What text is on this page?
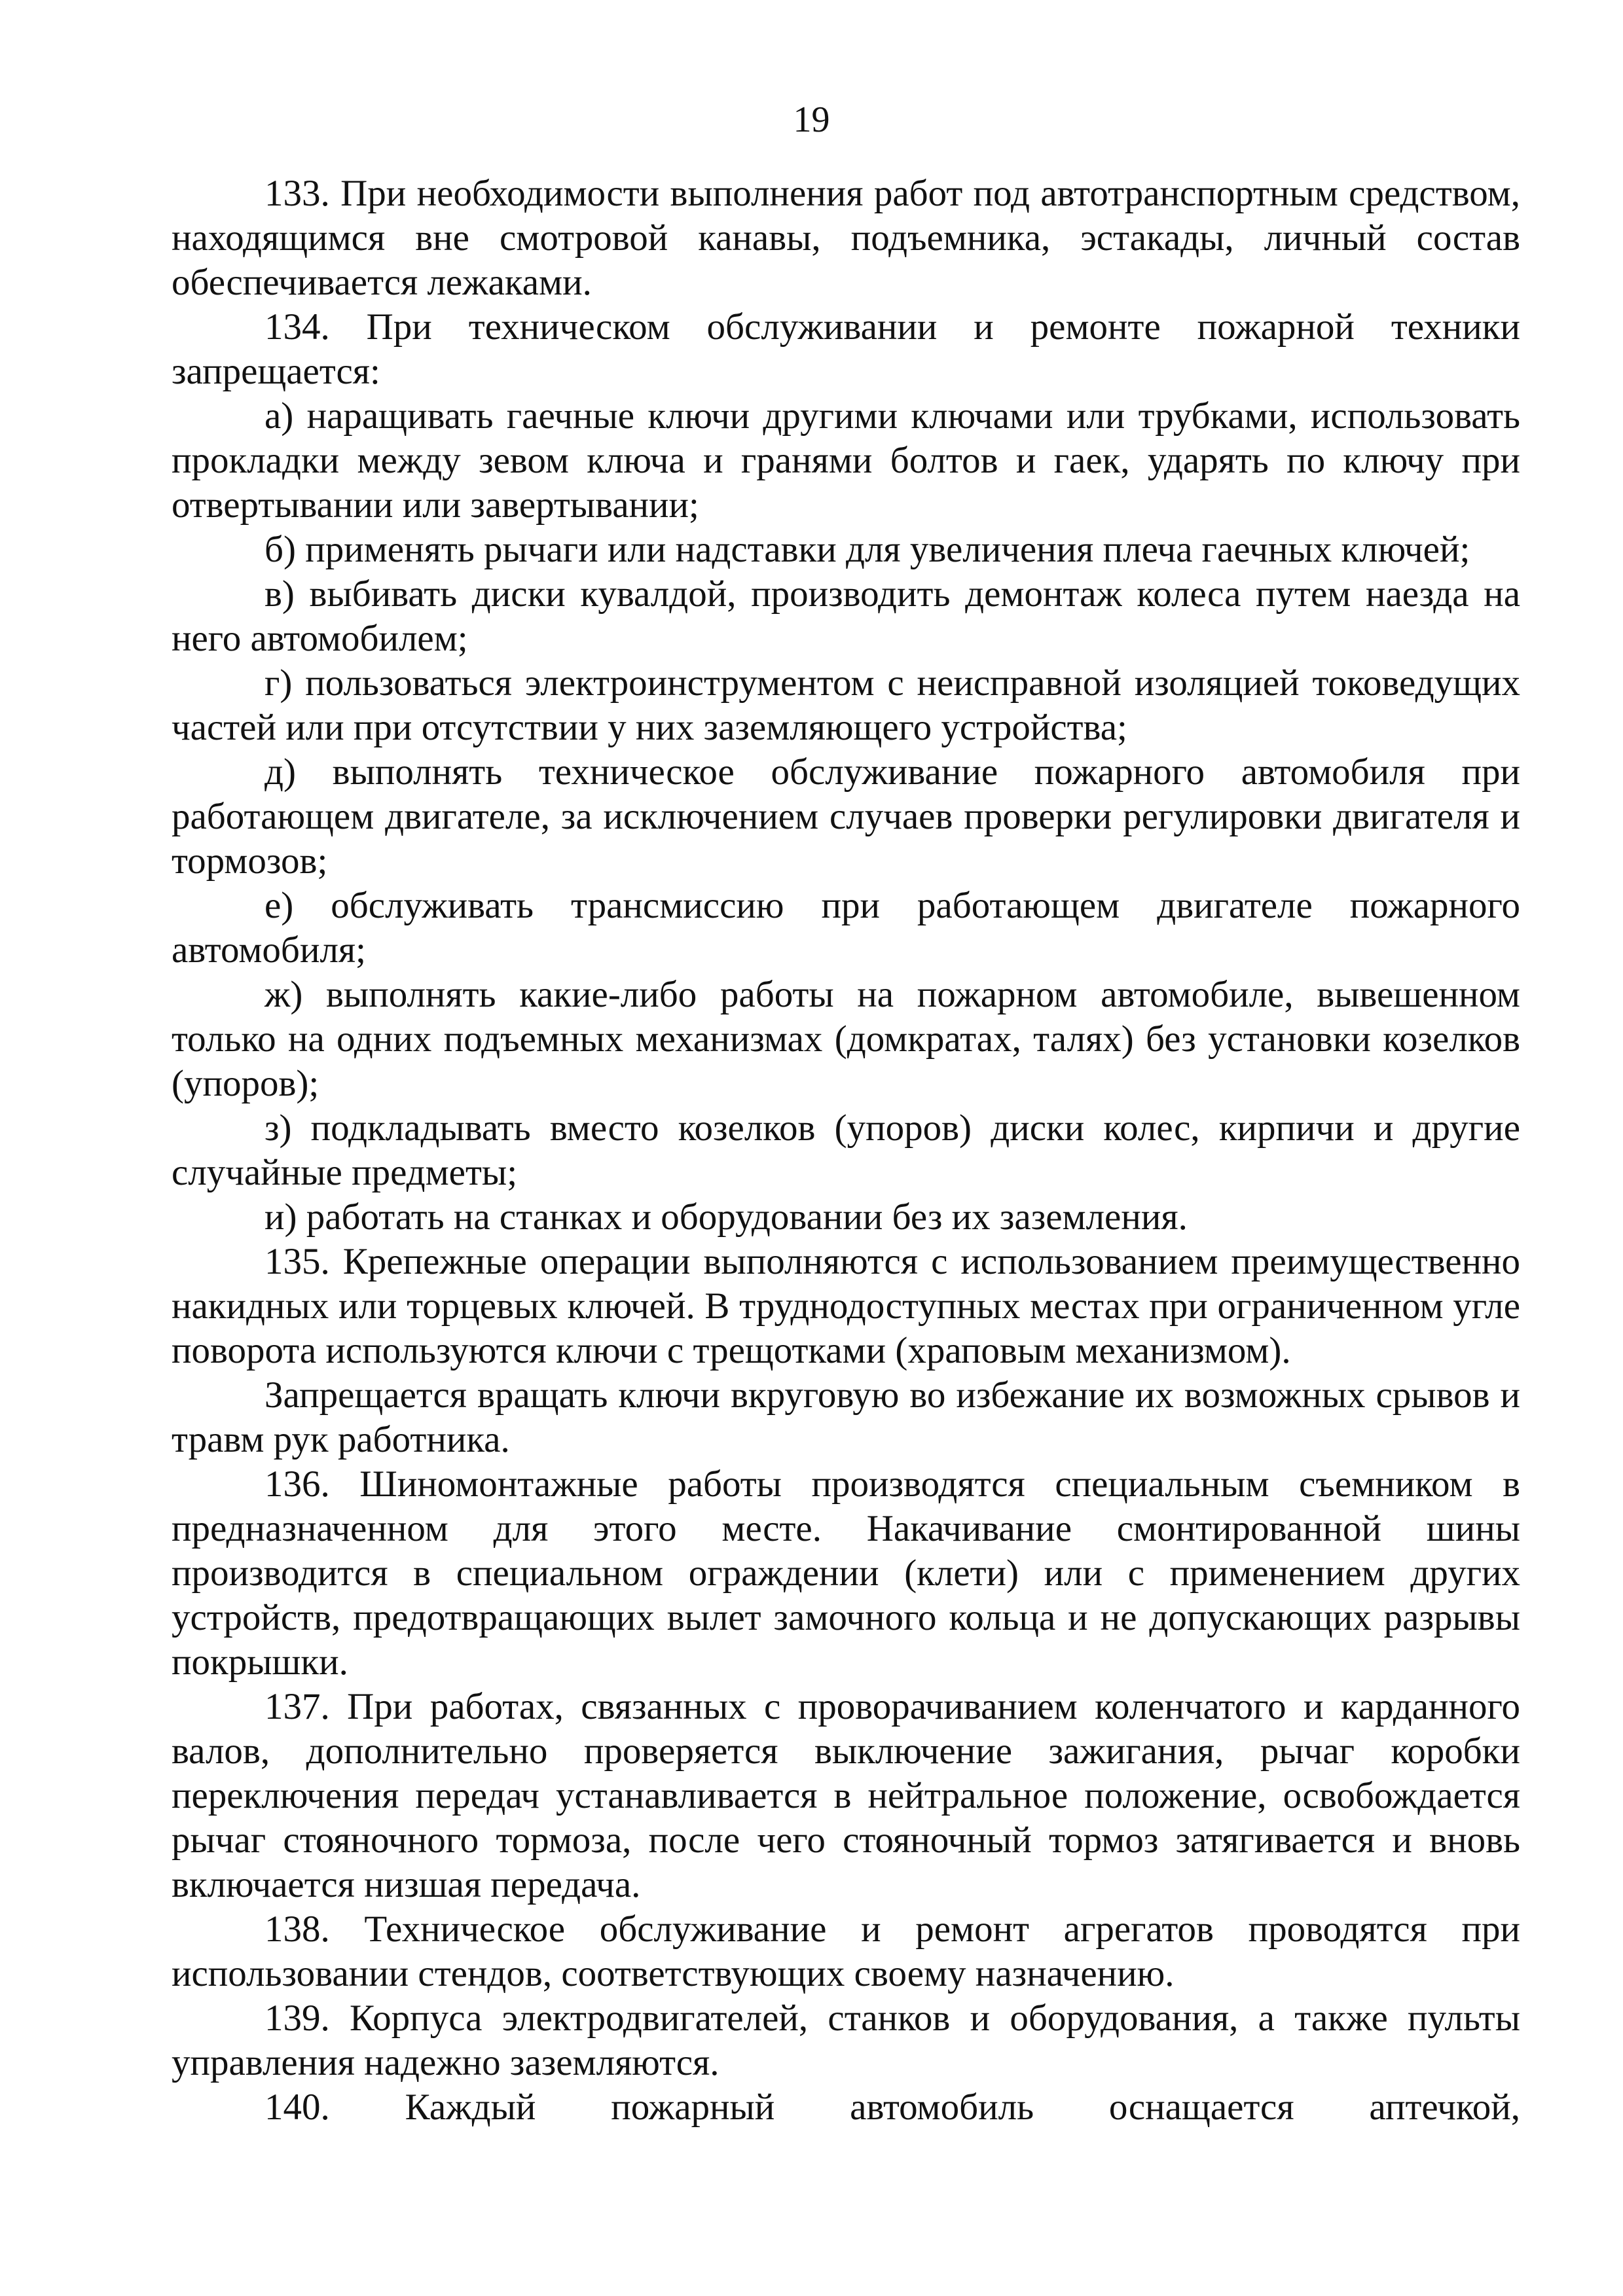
19

133. При необходимости выполнения работ под автотранспортным средством, находящимся вне смотровой канавы, подъемника, эстакады, личный состав обеспечивается лежаками.

134. При техническом обслуживании и ремонте пожарной техники запрещается:

а) наращивать гаечные ключи другими ключами или трубками, использовать прокладки между зевом ключа и гранями болтов и гаек, ударять по ключу при отвертывании или завертывании;

б) применять рычаги или надставки для увеличения плеча гаечных ключей;

в) выбивать диски кувалдой, производить демонтаж колеса путем наезда на него автомобилем;

г) пользоваться электроинструментом с неисправной изоляцией токоведущих частей или при отсутствии у них заземляющего устройства;

д) выполнять техническое обслуживание пожарного автомобиля при работающем двигателе, за исключением случаев проверки регулировки двигателя и тормозов;

е) обслуживать трансмиссию при работающем двигателе пожарного автомобиля;

ж) выполнять какие-либо работы на пожарном автомобиле, вывешенном только на одних подъемных механизмах (домкратах, талях) без установки козелков (упоров);

з) подкладывать вместо козелков (упоров) диски колес, кирпичи и другие случайные предметы;

и) работать на станках и оборудовании без их заземления.

135. Крепежные операции выполняются с использованием преимущественно накидных или торцевых ключей. В труднодоступных местах при ограниченном угле поворота используются ключи с трещотками (храповым механизмом).

Запрещается вращать ключи вкруговую во избежание их возможных срывов и травм рук работника.

136. Шиномонтажные работы производятся специальным съемником в предназначенном для этого месте. Накачивание смонтированной шины производится в специальном ограждении (клети) или с применением других устройств, предотвращающих вылет замочного кольца и не допускающих разрывы покрышки.

137. При работах, связанных с проворачиванием коленчатого и карданного валов, дополнительно проверяется выключение зажигания, рычаг коробки переключения передач устанавливается в нейтральное положение, освобождается рычаг стояночного тормоза, после чего стояночный тормоз затягивается и вновь включается низшая передача.

138. Техническое обслуживание и ремонт агрегатов проводятся при использовании стендов, соответствующих своему назначению.

139. Корпуса электродвигателей, станков и оборудования, а также пульты управления надежно заземляются.

140. Каждый пожарный автомобиль оснащается аптечкой,
